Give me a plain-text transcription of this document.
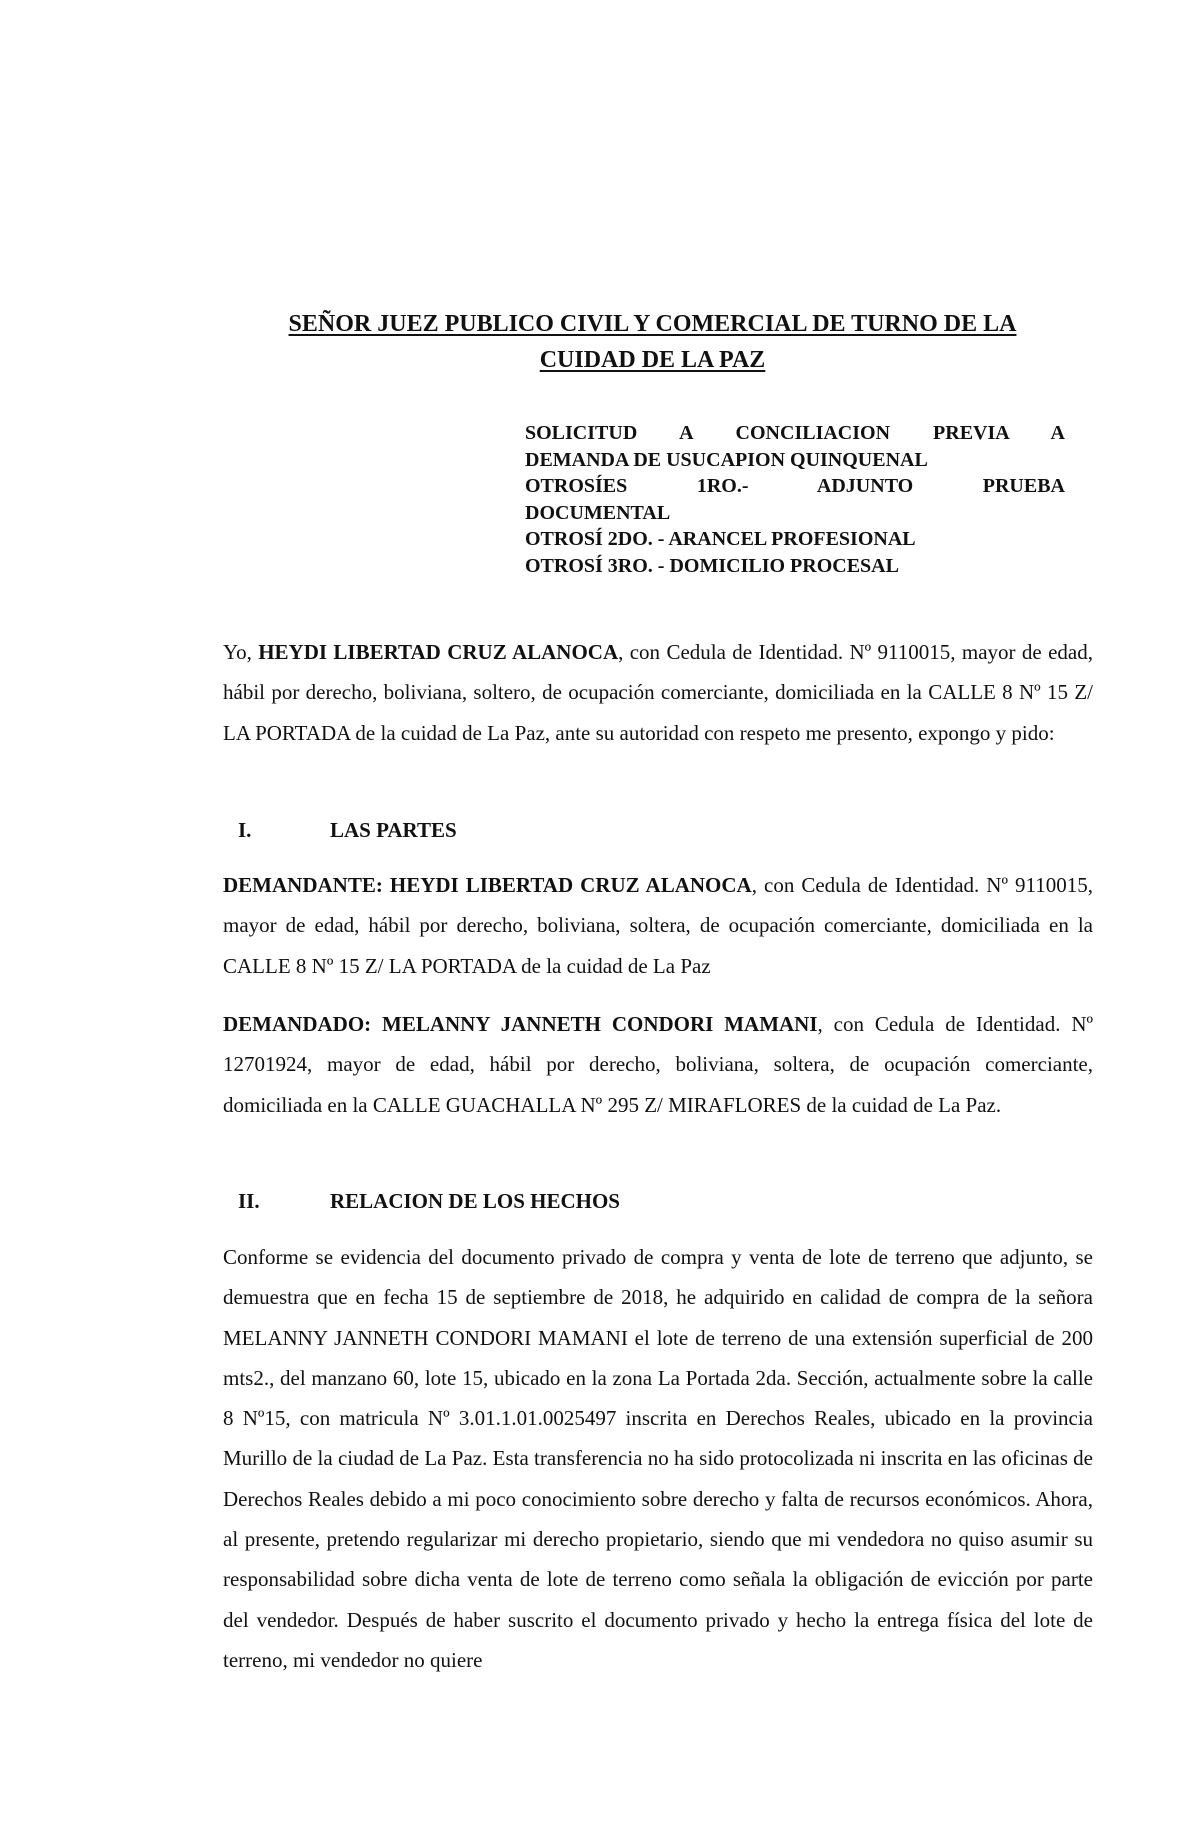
SEÑOR JUEZ PUBLICO CIVIL Y COMERCIAL DE TURNO DE LA
CUIDAD DE LA PAZ
SOLICITUD A CONCILIACION PREVIA A
DEMANDA DE USUCAPION QUINQUENAL
OTROSÍES 1RO.- ADJUNTO PRUEBA
DOCUMENTAL
OTROSÍ 2DO. - ARANCEL PROFESIONAL
OTROSÍ 3RO. - DOMICILIO PROCESAL
Yo, HEYDI LIBERTAD CRUZ ALANOCA, con Cedula de Identidad. Nº 9110015, mayor de edad, hábil por derecho, boliviana, soltero, de ocupación comerciante, domiciliada en la CALLE 8 Nº 15 Z/ LA PORTADA de la cuidad de La Paz, ante su autoridad con respeto me presento, expongo y pido:
I.	LAS PARTES
DEMANDANTE: HEYDI LIBERTAD CRUZ ALANOCA, con Cedula de Identidad. Nº 9110015, mayor de edad, hábil por derecho, boliviana, soltera, de ocupación comerciante, domiciliada en la CALLE 8 Nº 15 Z/ LA PORTADA de la cuidad de La Paz
DEMANDADO: MELANNY JANNETH CONDORI MAMANI, con Cedula de Identidad. Nº 12701924, mayor de edad, hábil por derecho, boliviana, soltera, de ocupación comerciante, domiciliada en la CALLE GUACHALLA Nº 295 Z/ MIRAFLORES de la cuidad de La Paz.
II.	RELACION DE LOS HECHOS
Conforme se evidencia del documento privado de compra y venta de lote de terreno que adjunto, se demuestra que en fecha 15 de septiembre de 2018, he adquirido en calidad de compra de la señora MELANNY JANNETH CONDORI MAMANI el lote de terreno de una extensión superficial de 200 mts2., del manzano 60, lote 15, ubicado en la zona La Portada 2da. Sección, actualmente sobre la calle 8 Nº15, con matricula Nº 3.01.1.01.0025497 inscrita en Derechos Reales, ubicado en la provincia Murillo de la ciudad de La Paz. Esta transferencia no ha sido protocolizada ni inscrita en las oficinas de Derechos Reales debido a mi poco conocimiento sobre derecho y falta de recursos económicos. Ahora, al presente, pretendo regularizar mi derecho propietario, siendo que mi vendedora no quiso asumir su responsabilidad sobre dicha venta de lote de terreno como señala la obligación de evicción por parte del vendedor. Después de haber suscrito el documento privado y hecho la entrega física del lote de terreno, mi vendedor no quiere
